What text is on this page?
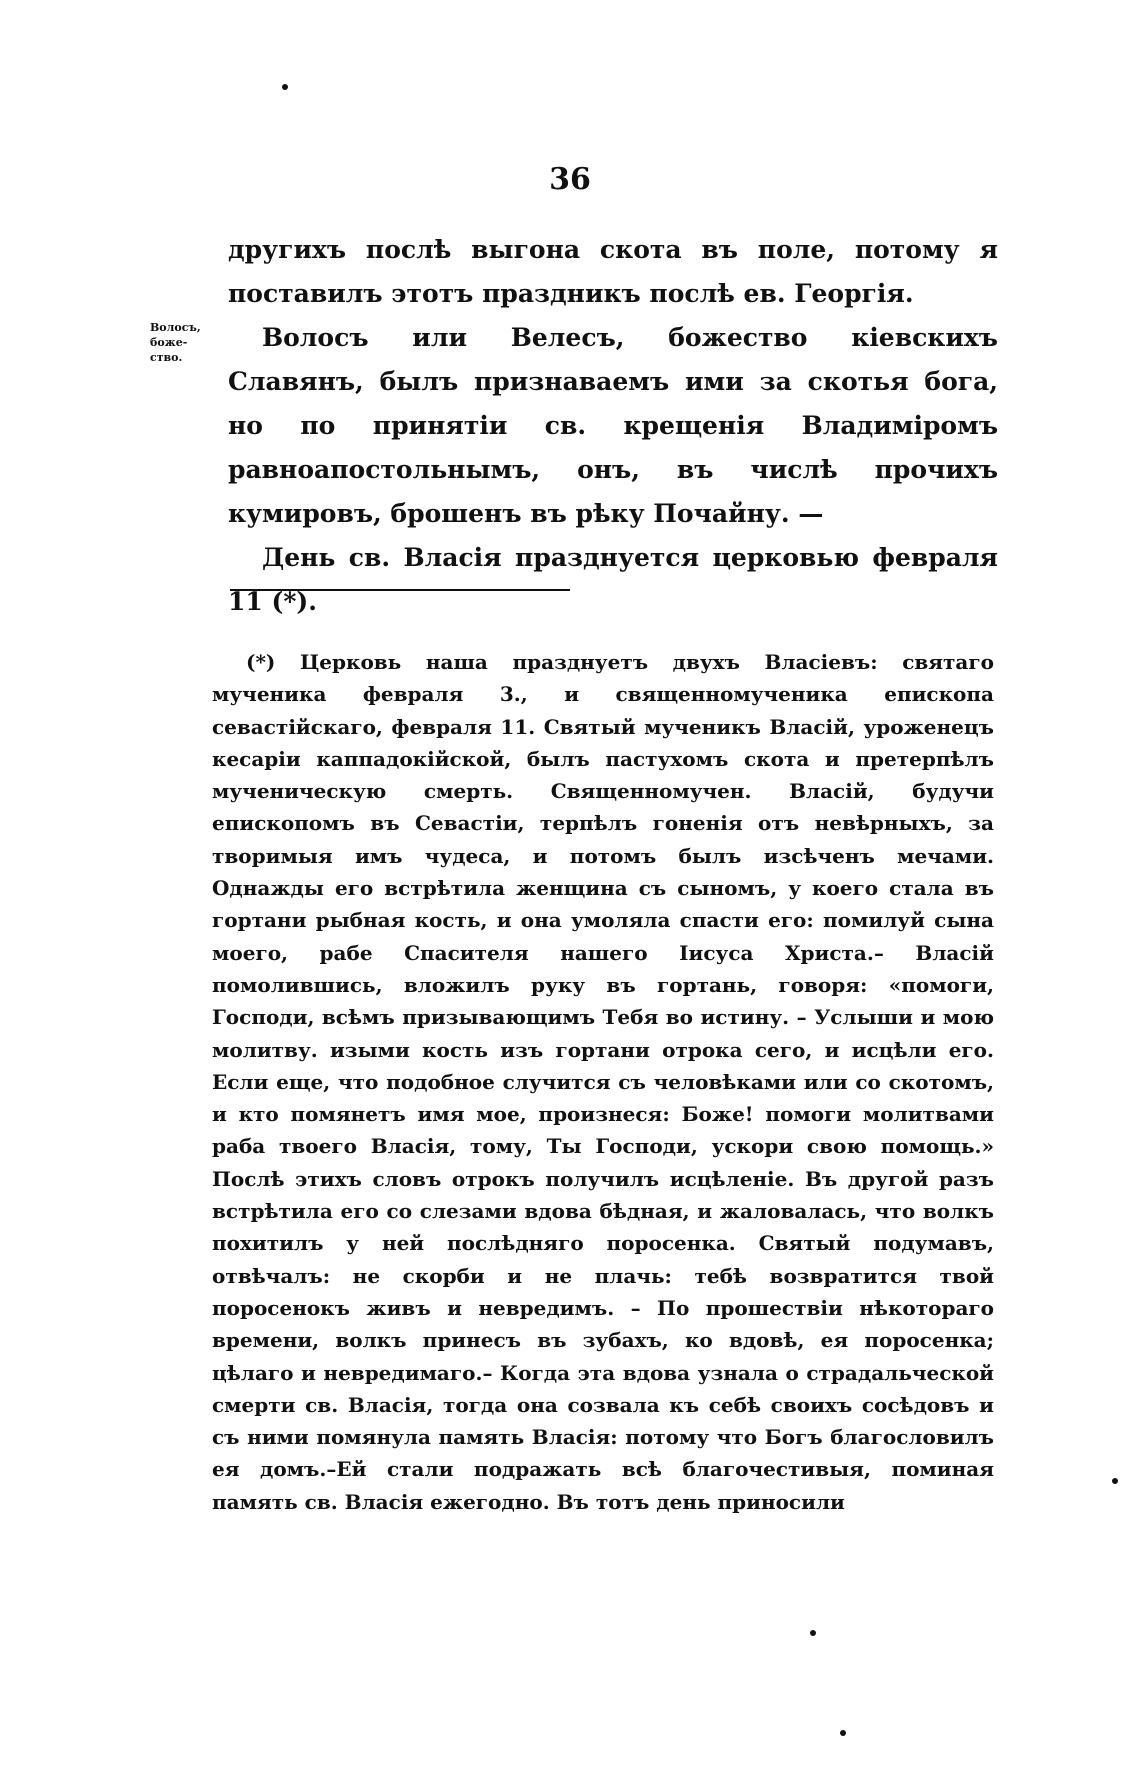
36
Волосъ,
боже-
ство.

другихъ послѣ выгона скота въ поле, потому я поставилъ этотъ праздникъ послѣ ев. Георгія.

Волосъ или Велесъ, божество кіевскихъ Славянъ, былъ признаваемъ ими за скотья бога, но по принятіи св. крещенія Владиміромъ равноапостольнымъ, онъ, въ числѣ прочихъ кумировъ, брошенъ въ рѣку Почайну. —

День св. Власія празднуется церковью февраля 11 (*).

(*) Церковь наша празднуетъ двухъ Власіевъ: святаго мученика февраля 3., и священномученика епископа севастійскаго, февраля 11. Святый мученикъ Власій, уроженецъ кесаріи каппадокійской, былъ пастухомъ скота и претерпѣлъ мученическую смерть. Священномучен. Власій, будучи епископомъ въ Севастіи, терпѣлъ гоненія отъ невѣрныхъ, за творимыя имъ чудеса, и потомъ былъ изсѣченъ мечами. Однажды его встрѣтила женщина съ сыномъ, у коего стала въ гортани рыбная кость, и она умоляла спасти его: помилуй сына моего, рабе Спасителя нашего Іисуса Христа.– Власій помолившись, вложилъ руку въ гортань, говоря: «помоги, Господи, всѣмъ призывающимъ Тебя во истину. – Услыши и мою молитву. изыми кость изъ гортани отрока сего, и исцѣли его. Если еще, что подобное случится съ человѣками или со скотомъ, и кто помянетъ имя мое, произнеся: Боже! помоги молитвами раба твоего Власія, тому, Ты Господи, ускори свою помощь.» Послѣ этихъ словъ отрокъ получилъ исцѣленіе. Въ другой разъ встрѣтила его со слезами вдова бѣдная, и жаловалась, что волкъ похитилъ у ней послѣдняго поросенка. Святый подумавъ, отвѣчалъ: не скорби и не плачь: тебѣ возвратится твой поросенокъ живъ и невредимъ. – По прошествіи нѣкотораго времени, волкъ принесъ въ зубахъ, ко вдовѣ, ея поросенка; цѣлаго и невредимаго.– Когда эта вдова узнала о страдальческой смерти св. Власія, тогда она созвала къ себѣ своихъ сосѣдовъ и съ ними помянула память Власія: потому что Богъ благословилъ ея домъ.–Ей стали подражать всѣ благочестивыя, поминая память св. Власія ежегодно. Въ тотъ день приносили
